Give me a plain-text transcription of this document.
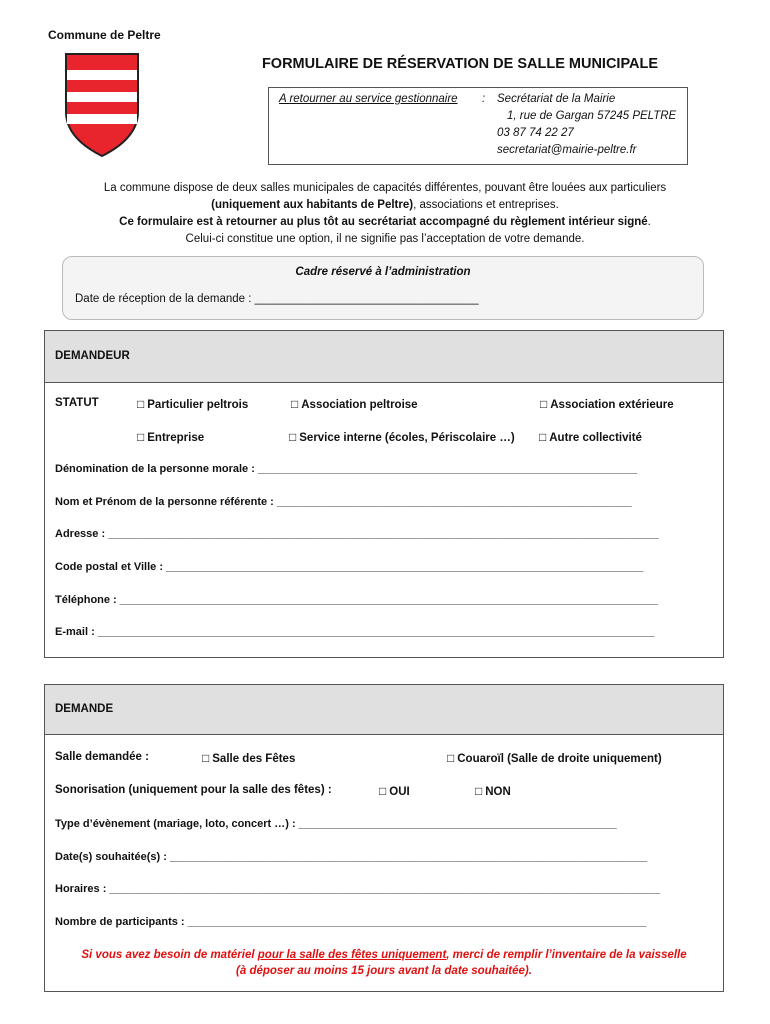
Commune de Peltre
FORMULAIRE DE RÉSERVATION DE SALLE MUNICIPALE
A retourner au service gestionnaire : Secrétariat de la Mairie
1, rue de Gargan 57245 PELTRE
03 87 74 22 27
secretariat@mairie-peltre.fr
La commune dispose de deux salles municipales de capacités différentes, pouvant être louées aux particuliers
(uniquement aux habitants de Peltre), associations et entreprises.
Ce formulaire est à retourner au plus tôt au secrétariat accompagné du règlement intérieur signé.
Celui-ci constitue une option, il ne signifie pas l’acceptation de votre demande.
Cadre réservé à l’administration
Date de réception de la demande : ___________________________________
DEMANDEUR
STATUT	□ Particulier peltrois	□ Association peltroise	□ Association extérieure
□ Entreprise	□ Service interne (écoles, Périscolaire …) □ Autre collectivité
Dénomination de la personne morale : ______________________________________________________________
Nom et Prénom de la personne référente : __________________________________________________________
Adresse : __________________________________________________________________________________________
Code postal et Ville : ______________________________________________________________________________
Téléphone : ________________________________________________________________________________________
E-mail : ___________________________________________________________________________________________
DEMANDE
Salle demandée :	□ Salle des Fêtes	□ Couaroïl (Salle de droite uniquement)
Sonorisation (uniquement pour la salle des fêtes) :	□ OUI	□ NON
Type d’évènement (mariage, loto, concert …) : ____________________________________________________
Date(s) souhaitée(s) : ______________________________________________________________________________
Horaires : __________________________________________________________________________________________
Nombre de participants : ___________________________________________________________________________
Si vous avez besoin de matériel pour la salle des fêtes uniquement, merci de remplir l’inventaire de la vaisselle
(à déposer au moins 15 jours avant la date souhaitée).
